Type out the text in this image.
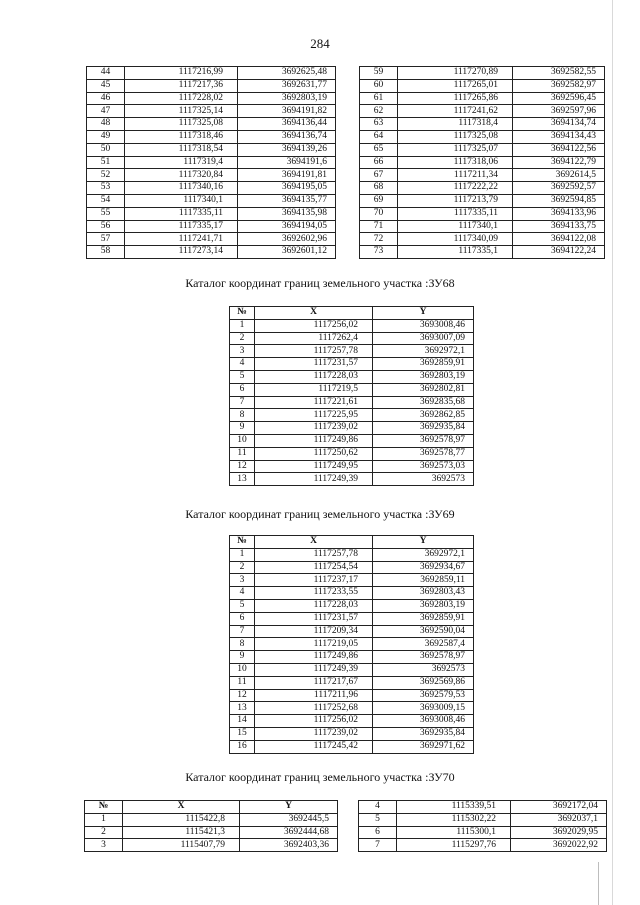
284
44	1117216,99	3692625,48
45	1117217,36	3692631,77
46	1117228,02	3692803,19
47	1117325,14	3694191,82
48	1117325,08	3694136,44
49	1117318,46	3694136,74
50	1117318,54	3694139,26
51	1117319,4	3694191,6
52	1117320,84	3694191,81
53	1117340,16	3694195,05
54	1117340,1	3694135,77
55	1117335,11	3694135,98
56	1117335,17	3694194,05
57	1117241,71	3692602,96
58	1117273,14	3692601,12
59	1117270,89	3692582,55
60	1117265,01	3692582,97
61	1117265,86	3692596,45
62	1117241,62	3692597,96
63	1117318,4	3694134,74
64	1117325,08	3694134,43
65	1117325,07	3694122,56
66	1117318,06	3694122,79
67	1117211,34	3692614,5
68	1117222,22	3692592,57
69	1117213,79	3692594,85
70	1117335,11	3694133,96
71	1117340,1	3694133,75
72	1117340,09	3694122,08
73	1117335,1	3694122,24
Каталог координат границ земельного участка :ЗУ68
№	X	Y
1	1117256,02	3693008,46
2	1117262,4	3693007,09
3	1117257,78	3692972,1
4	1117231,57	3692859,91
5	1117228,03	3692803,19
6	1117219,5	3692802,81
7	1117221,61	3692835,68
8	1117225,95	3692862,85
9	1117239,02	3692935,84
10	1117249,86	3692578,97
11	1117250,62	3692578,77
12	1117249,95	3692573,03
13	1117249,39	3692573
Каталог координат границ земельного участка :ЗУ69
№	X	Y
1	1117257,78	3692972,1
2	1117254,54	3692934,67
3	1117237,17	3692859,11
4	1117233,55	3692803,43
5	1117228,03	3692803,19
6	1117231,57	3692859,91
7	1117209,34	3692590,04
8	1117219,05	3692587,4
9	1117249,86	3692578,97
10	1117249,39	3692573
11	1117217,67	3692569,86
12	1117211,96	3692579,53
13	1117252,68	3693009,15
14	1117256,02	3693008,46
15	1117239,02	3692935,84
16	1117245,42	3692971,62
Каталог координат границ земельного участка :ЗУ70
№	X	Y
1	1115422,8	3692445,5
2	1115421,3	3692444,68
3	1115407,79	3692403,36
4	1115339,51	3692172,04
5	1115302,22	3692037,1
6	1115300,1	3692029,95
7	1115297,76	3692022,92
